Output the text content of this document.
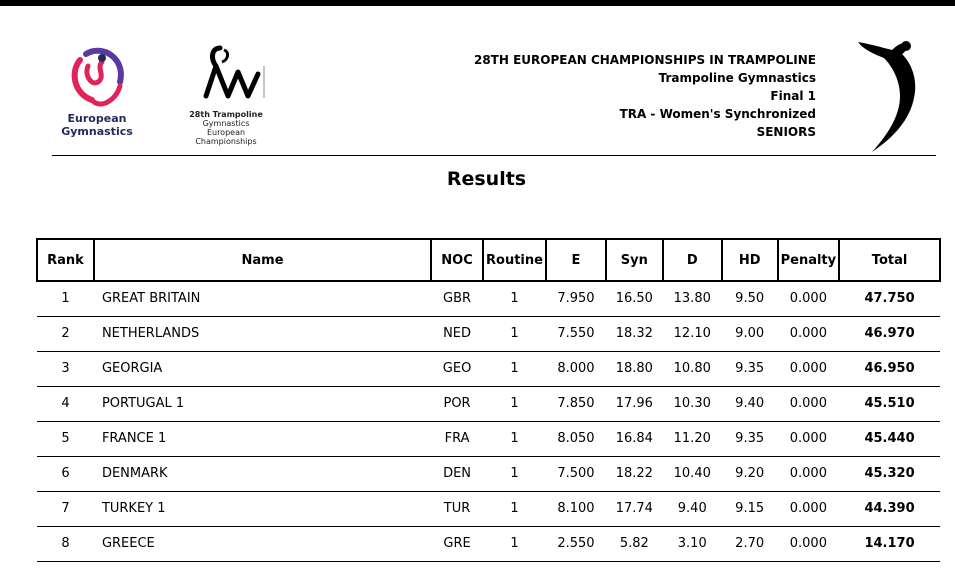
European
Gymnastics
28th Trampoline
Gymnastics
European
Championships
28TH EUROPEAN CHAMPIONSHIPS IN TRAMPOLINE
Trampoline Gymnastics
Final 1
TRA - Women's Synchronized
SENIORS
Results
Rank	Name	NOC	Routine	E	Syn	D	HD	Penalty	Total
1	GREAT BRITAIN	GBR	1	7.950	16.50	13.80	9.50	0.000	47.750
2	NETHERLANDS	NED	1	7.550	18.32	12.10	9.00	0.000	46.970
3	GEORGIA	GEO	1	8.000	18.80	10.80	9.35	0.000	46.950
4	PORTUGAL 1	POR	1	7.850	17.96	10.30	9.40	0.000	45.510
5	FRANCE 1	FRA	1	8.050	16.84	11.20	9.35	0.000	45.440
6	DENMARK	DEN	1	7.500	18.22	10.40	9.20	0.000	45.320
7	TURKEY 1	TUR	1	8.100	17.74	9.40	9.15	0.000	44.390
8	GREECE	GRE	1	2.550	5.82	3.10	2.70	0.000	14.170
